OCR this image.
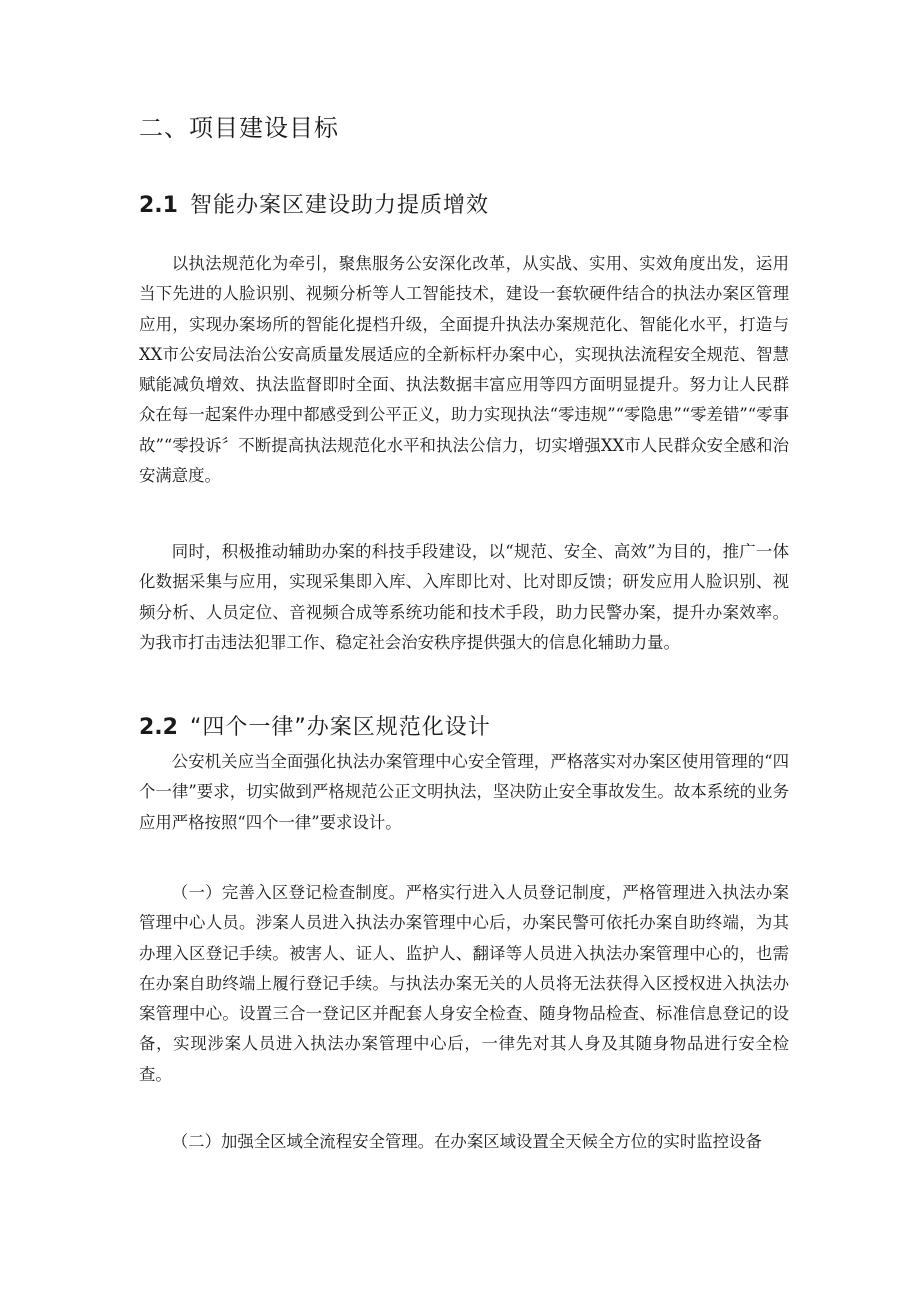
二、项目建设目标
2.1 智能办案区建设助力提质增效

以执法规范化为牵引，聚焦服务公安深化改革，从实战、实用、实效角度出发，运用当下先进的人脸识别、视频分析等人工智能技术，建设一套软硬件结合的执法办案区管理应用，实现办案场所的智能化提档升级，全面提升执法办案规范化、智能化水平，打造与XX市公安局法治公安高质量发展适应的全新标杆办案中心，实现执法流程安全规范、智慧赋能减负增效、执法监督即时全面、执法数据丰富应用等四方面明显提升。努力让人民群众在每一起案件办理中都感受到公平正义，助力实现执法“零违规”“零隐患”“零差错”“零事故”“零投诉〞不断提高执法规范化水平和执法公信力，切实增强XX市人民群众安全感和治安满意度。

同时，积极推动辅助办案的科技手段建设，以“规范、安全、高效”为目的，推广一体化数据采集与应用，实现采集即入库、入库即比对、比对即反馈；研发应用人脸识别、视频分析、人员定位、音视频合成等系统功能和技术手段，助力民警办案，提升办案效率。为我市打击违法犯罪工作、稳定社会治安秩序提供强大的信息化辅助力量。

2.2 “四个一律”办案区规范化设计

公安机关应当全面强化执法办案管理中心安全管理，严格落实对办案区使用管理的“四个一律”要求，切实做到严格规范公正文明执法，坚决防止安全事故发生。故本系统的业务应用严格按照“四个一律”要求设计。

（一）完善入区登记检查制度。严格实行进入人员登记制度，严格管理进入执法办案管理中心人员。涉案人员进入执法办案管理中心后，办案民警可依托办案自助终端，为其办理入区登记手续。被害人、证人、监护人、翻译等人员进入执法办案管理中心的，也需在办案自助终端上履行登记手续。与执法办案无关的人员将无法获得入区授权进入执法办案管理中心。设置三合一登记区并配套人身安全检查、随身物品检查、标准信息登记的设备，实现涉案人员进入执法办案管理中心后，一律先对其人身及其随身物品进行安全检查。

（二）加强全区域全流程安全管理。在办案区域设置全天候全方位的实时监控设备
